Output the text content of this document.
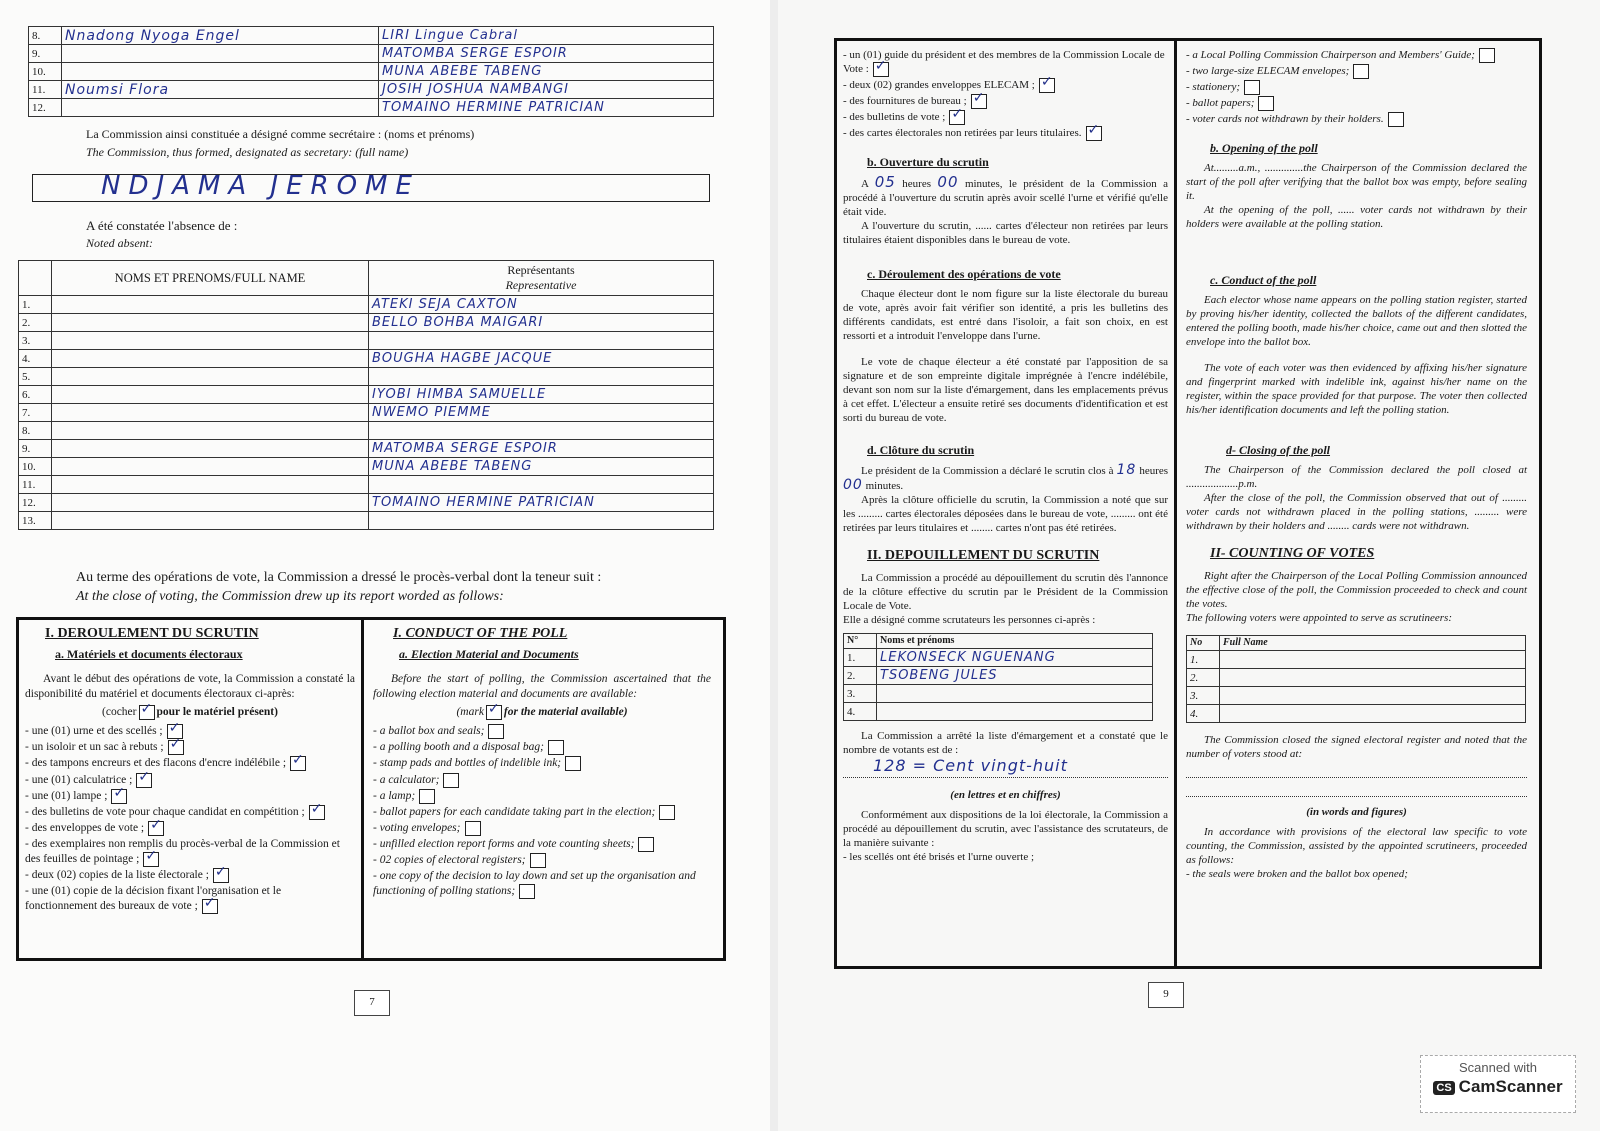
8.	Nnadong Nyoga Engel	LIRI Lingue Cabral
9.		MATOMBA SERGE ESPOIR
10.		MUNA ABEBE TABENG
11.	Noumsi Flora	JOSIH JOSHUA NAMBANGI
12.		TOMAINO HERMINE PATRICIAN
La Commission ainsi constituée a désigné comme secrétaire : (noms et prénoms)
The Commission, thus formed, designated as secretary: (full name)
NDJAMA JEROME
A été constatée l'absence de :
Noted absent:
	NOMS ET PRENOMS/FULL NAME	Représentants
Representative

1.		ATEKI SEJA CAXTON
2.		BELLO BOHBA MAIGARI
3.		
4.		BOUGHA HAGBE JACQUE
5.		
6.		IYOBI HIMBA SAMUELLE
7.		NWEMO PIEMME
8.		
9.		MATOMBA SERGE ESPOIR
10.		MUNA ABEBE TABENG
11.		
12.		TOMAINO HERMINE PATRICIAN
13.		
Au terme des opérations de vote, la Commission a dressé le procès-verbal dont la teneur suit :
At the close of voting, the Commission drew up its report worded as follows:
I. DEROULEMENT DU SCRUTIN
a. Matériels et documents électoraux

Avant le début des opérations de vote, la Commission a constaté la disponibilité du matériel et documents électoraux ci-après:

(cocher ✓ pour le matériel présent)
- une (01) urne et des scellés ;✓
- un isoloir et un sac à rebuts ;✓
- des tampons encreurs et des flacons d'encre indélébile ;✓
- une (01) calculatrice ;✓
- une (01) lampe ;✓
- des bulletins de vote pour chaque candidat en compétition ;✓
- des enveloppes de vote ;✓
- des exemplaires non remplis du procès-verbal de la Commission et des feuilles de pointage ;✓
- deux (02) copies de la liste électorale ;✓
- une (01) copie de la décision fixant l'organisation et le fonctionnement des bureaux de vote ;✓
I. CONDUCT OF THE POLL
a. Election Material and Documents

Before the start of polling, the Commission ascertained that the following election material and documents are available:

(mark ✓ for the material available)
- a ballot box and seals;
- a polling booth and a disposal bag;
- stamp pads and bottles of indelible ink;
- a calculator;
- a lamp;
- ballot papers for each candidate taking part in the election;
- voting envelopes;
- unfilled election report forms and vote counting sheets;
- 02 copies of electoral registers;
- one copy of the decision to lay down and set up the organisation and functioning of polling stations;
7
- un (01) guide du président et des membres de la Commission Locale de Vote :✓
- deux (02) grandes enveloppes ELECAM ;✓
- des fournitures de bureau ;✓
- des bulletins de vote ;✓
- des cartes électorales non retirées par leurs titulaires.✓
b. Ouverture du scrutin

A 05 heures 00 minutes, le président de la Commission a procédé à l'ouverture du scrutin après avoir scellé l'urne et vérifié qu'elle était vide.

A l'ouverture du scrutin, ...... cartes d'électeur non retirées par leurs titulaires étaient disponibles dans le bureau de vote.

c. Déroulement des opérations de vote

Chaque électeur dont le nom figure sur la liste électorale du bureau de vote, après avoir fait vérifier son identité, a pris les bulletins des différents candidats, est entré dans l'isoloir, a fait son choix, en est ressorti et a introduit l'enveloppe dans l'urne.

Le vote de chaque électeur a été constaté par l'apposition de sa signature et de son empreinte digitale imprégnée à l'encre indélébile, devant son nom sur la liste d'émargement, dans les emplacements prévus à cet effet. L'électeur a ensuite retiré ses documents d'identification et est sorti du bureau de vote.

d. Clôture du scrutin

Le président de la Commission a déclaré le scrutin clos à 18 heures 00 minutes.

Après la clôture officielle du scrutin, la Commission a noté que sur les ......... cartes électorales déposées dans le bureau de vote, ......... ont été retirées par leurs titulaires et ........ cartes n'ont pas été retirées.

II. DEPOUILLEMENT DU SCRUTIN

La Commission a procédé au dépouillement du scrutin dès l'annonce de la clôture effective du scrutin par le Président de la Commission Locale de Vote.

Elle a désigné comme scrutateurs les personnes ci-après :

N°	Noms et prénoms
1.	LEKONSECK NGUENANG
2.	TSOBENG JULES
3.	
4.	

La Commission a arrêté la liste d'émargement et a constaté que le nombre de votants est de :

128 = Cent vingt-huit
(en lettres et en chiffres)

Conformément aux dispositions de la loi électorale, la Commission a procédé au dépouillement du scrutin, avec l'assistance des scrutateurs, de la manière suivante :

- les scellés ont été brisés et l'urne ouverte ;

- a Local Polling Commission Chairperson and Members' Guide;
- two large-size ELECAM envelopes;
- stationery;
- ballot papers;
- voter cards not withdrawn by their holders.
b. Opening of the poll

At.........a.m., ..............the Chairperson of the Commission declared the start of the poll after verifying that the ballot box was empty, before sealing it.

At the opening of the poll, ...... voter cards not withdrawn by their holders were available at the polling station.

c. Conduct of the poll

Each elector whose name appears on the polling station register, started by proving his/her identity, collected the ballots of the different candidates, entered the polling booth, made his/her choice, came out and then slotted the envelope into the ballot box.

The vote of each voter was then evidenced by affixing his/her signature and fingerprint marked with indelible ink, against his/her name on the register, within the space provided for that purpose. The voter then collected his/her identification documents and left the polling station.

d- Closing of the poll

The Chairperson of the Commission declared the poll closed at ...................p.m.

After the close of the poll, the Commission observed that out of ......... voter cards not withdrawn placed in the polling stations, ......... were withdrawn by their holders and ........ cards were not withdrawn.

II- COUNTING OF VOTES

Right after the Chairperson of the Local Polling Commission announced the effective close of the poll, the Commission proceeded to check and count the votes.

The following voters were appointed to serve as scrutineers:

No	Full Name
1.	
2.	
3.	
4.	

The Commission closed the signed electoral register and noted that the number of voters stood at:

(in words and figures)

In accordance with provisions of the electoral law specific to vote counting, the Commission, assisted by the appointed scrutineers, proceeded as follows:

- the seals were broken and the ballot box opened;

9
Scanned with
CS CamScanner
